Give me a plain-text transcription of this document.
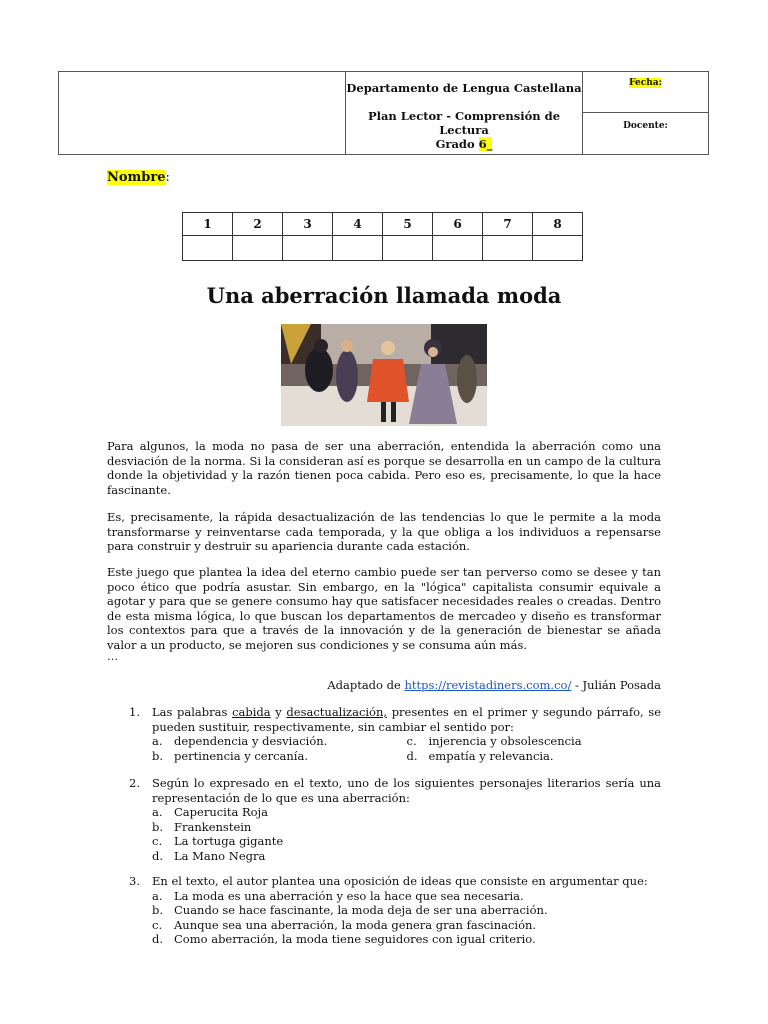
Departamento de Lengua Castellana
Plan Lector - Comprensión de Lectura
Grado 6_
Fecha:
Docente:
Nombre:
1	2	3	4	5	6	7	8

Una aberración llamada moda

Para algunos, la moda no pasa de ser una aberración, entendida la aberración como una desviación de la norma. Si la consideran así es porque se desarrolla en un campo de la cultura donde la objetividad y la razón tienen poca cabida. Pero eso es, precisamente, lo que la hace fascinante.

Es, precisamente, la rápida desactualización de las tendencias lo que le permite a la moda transformarse y reinventarse cada temporada, y la que obliga a los individuos a repensarse para construir y destruir su apariencia durante cada estación.

Este juego que plantea la idea del eterno cambio puede ser tan perverso como se desee y tan poco ético que podría asustar. Sin embargo, en la "lógica" capitalista consumir equivale a agotar y para que se genere consumo hay que satisfacer necesidades reales o creadas. Dentro de esta misma lógica, lo que buscan los departamentos de mercadeo y diseño es transformar los contextos para que a través de la innovación y de la generación de bienestar se añada valor a un producto, se mejoren sus condiciones y se consuma aún más.

…
Adaptado de https://revistadiners.com.co/ - Julián Posada
1. Las palabras cabida y desactualización, presentes en el primer y segundo párrafo, se pueden sustituir, respectivamente, sin cambiar el sentido por:
a. dependencia y desviación.
b. pertinencia y cercanía.
c. injerencia y obsolescencia
d. empatía y relevancia.
2. Según lo expresado en el texto, uno de los siguientes personajes literarios sería una representación de lo que es una aberración:
a. Caperucita Roja
b. Frankenstein
c. La tortuga gigante
d. La Mano Negra
3. En el texto, el autor plantea una oposición de ideas que consiste en argumentar que:
a. La moda es una aberración y eso la hace que sea necesaria.
b. Cuando se hace fascinante, la moda deja de ser una aberración.
c. Aunque sea una aberración, la moda genera gran fascinación.
d. Como aberración, la moda tiene seguidores con igual criterio.
